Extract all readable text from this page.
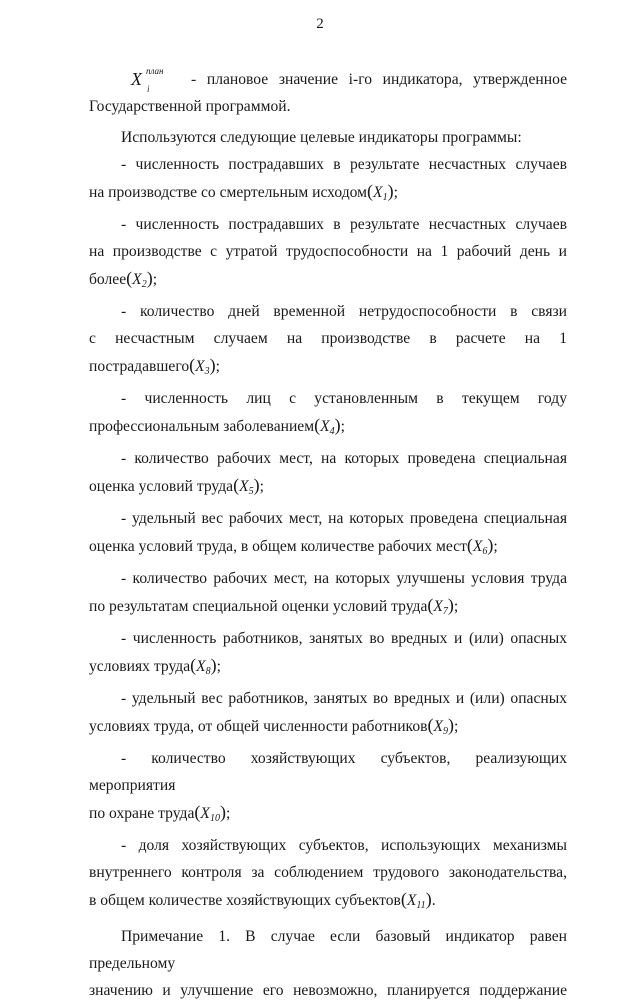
2
X план
i
- плановое значение i-го индикатора, утвержденное
Государственной программой.
Используются следующие целевые индикаторы программы:
- численность пострадавших в результате несчастных случаев
на производстве со смертельным $исходом(X_1)$;
- численность пострадавших в результате несчастных случаев
на производстве с утратой трудоспособности на 1 рабочий день и $более(X_2)$;
- количество дней временной нетрудоспособности в связи
с несчастным случаем на производстве в расчете на 1 $пострадавшего(X_3)$;
- численность лиц с установленным в текущем году
профессиональным $заболеванием(X_4)$;
- количество рабочих мест, на которых проведена специальная
оценка условий $труда(X_5)$;
- удельный вес рабочих мест, на которых проведена специальная
оценка условий труда, в общем количестве рабочих $мест(X_6)$;
- количество рабочих мест, на которых улучшены условия труда
по результатам специальной оценки условий $труда(X_7)$;
- численность работников, занятых во вредных и (или) опасных
условиях $труда(X_8)$;
- удельный вес работников, занятых во вредных и (или) опасных
условиях труда, от общей численности $работников(X_9)$;
- количество хозяйствующих субъектов, реализующих мероприятия
по охране $труда(X_{10})$;
- доля хозяйствующих субъектов, использующих механизмы
внутреннего контроля за соблюдением трудового законодательства,
в общем количестве хозяйствующих $субъектов(X_{11})$.
Примечание 1. В случае если базовый индикатор равен предельному
значению и улучшение его невозможно, планируется поддержание
